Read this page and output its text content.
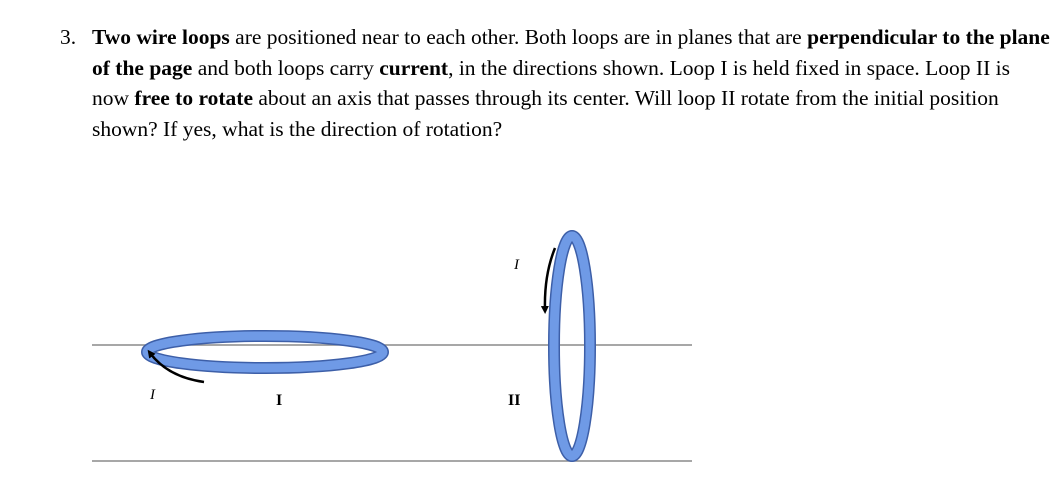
3. Two wire loops are positioned near to each other. Both loops are in planes that are perpendicular to the plane of the page and both loops carry current, in the directions shown. Loop I is held fixed in space. Loop II is now free to rotate about an axis that passes through its center. Will loop II rotate from the initial position shown? If yes, what is the direction of rotation?
I	I
I
II
